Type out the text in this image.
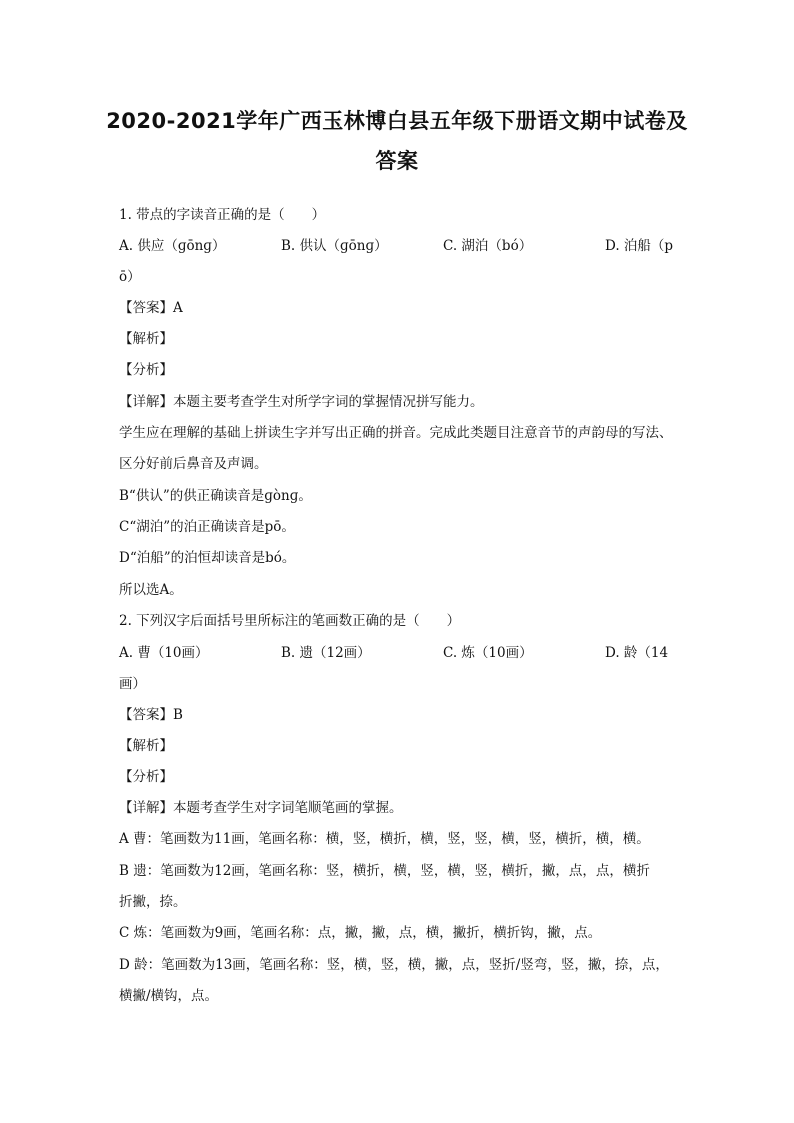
2020-2021学年广西玉林博白县五年级下册语文期中试卷及
答案
1. 带点的字读音正确的是（　　）
A. 供应（ɡōnɡ）	B. 供认（ɡōnɡ）	C. 湖泊（bó）	D. 泊船（p
ō）
【答案】A
【解析】
【分析】
【详解】本题主要考查学生对所学字词的掌握情况拼写能力。
学生应在理解的基础上拼读生字并写出正确的拼音。完成此类题目注意音节的声韵母的写法、
区分好前后鼻音及声调。
B“供认”的供正确读音是ɡònɡ。
C“湖泊”的泊正确读音是pō。
D“泊船”的泊恒却读音是bó。
所以选A。
2. 下列汉字后面括号里所标注的笔画数正确的是（　　）
A. 曹（10画）	B. 遗（12画）	C. 炼（10画）	D. 龄（14
画）
【答案】B
【解析】
【分析】
【详解】本题考查学生对字词笔顺笔画的掌握。
A 曹：笔画数为11画，笔画名称：横，竖，横折，横，竖，竖，横，竖，横折，横，横。
B 遗：笔画数为12画，笔画名称：竖，横折，横，竖，横，竖，横折，撇，点，点，横折
折撇，捺。
C 炼：笔画数为9画，笔画名称：点，撇，撇，点，横，撇折，横折钩，撇，点。
D 龄：笔画数为13画，笔画名称：竖，横，竖，横，撇，点，竖折/竖弯，竖，撇，捺，点，
横撇/横钩，点。
